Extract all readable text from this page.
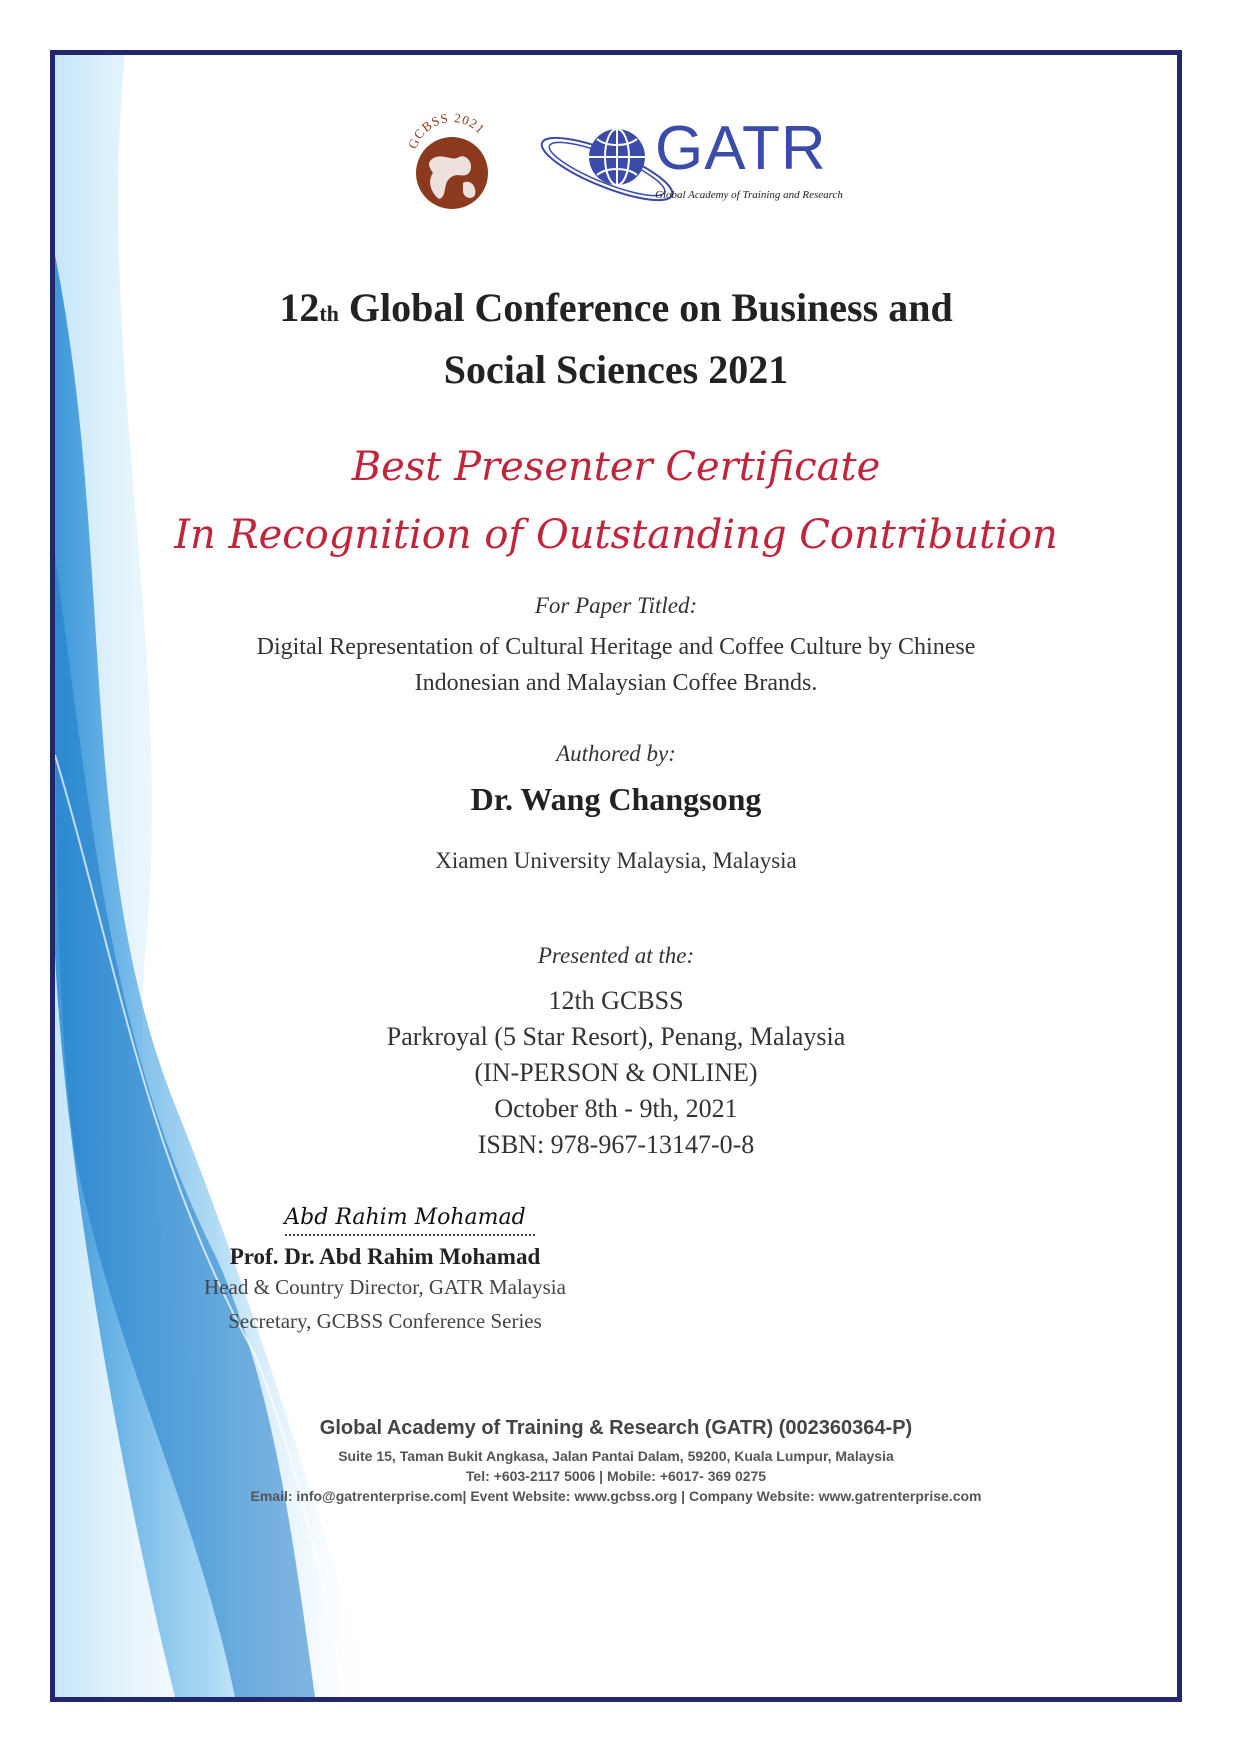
GCBSS 2021	GATR
Global Academy of Training and Research
12th Global Conference on Business and
Social Sciences 2021
Best Presenter Certificate
In Recognition of Outstanding Contribution
For Paper Titled:
Digital Representation of Cultural Heritage and Coffee Culture by Chinese
Indonesian and Malaysian Coffee Brands.
Authored by:
Dr. Wang Changsong
Xiamen University Malaysia, Malaysia
Presented at the:
12th GCBSS
Parkroyal (5 Star Resort), Penang, Malaysia
(IN-PERSON & ONLINE)
October 8th - 9th, 2021
ISBN: 978-967-13147-0-8
Abd Rahim Mohamad
Prof. Dr. Abd Rahim Mohamad
Head & Country Director, GATR Malaysia
Secretary, GCBSS Conference Series
Global Academy of Training & Research (GATR) (002360364-P)
Suite 15, Taman Bukit Angkasa, Jalan Pantai Dalam, 59200, Kuala Lumpur, Malaysia
Tel: +603-2117 5006 | Mobile: +6017- 369 0275
Email: info@gatrenterprise.com| Event Website: www.gcbss.org | Company Website: www.gatrenterprise.com
